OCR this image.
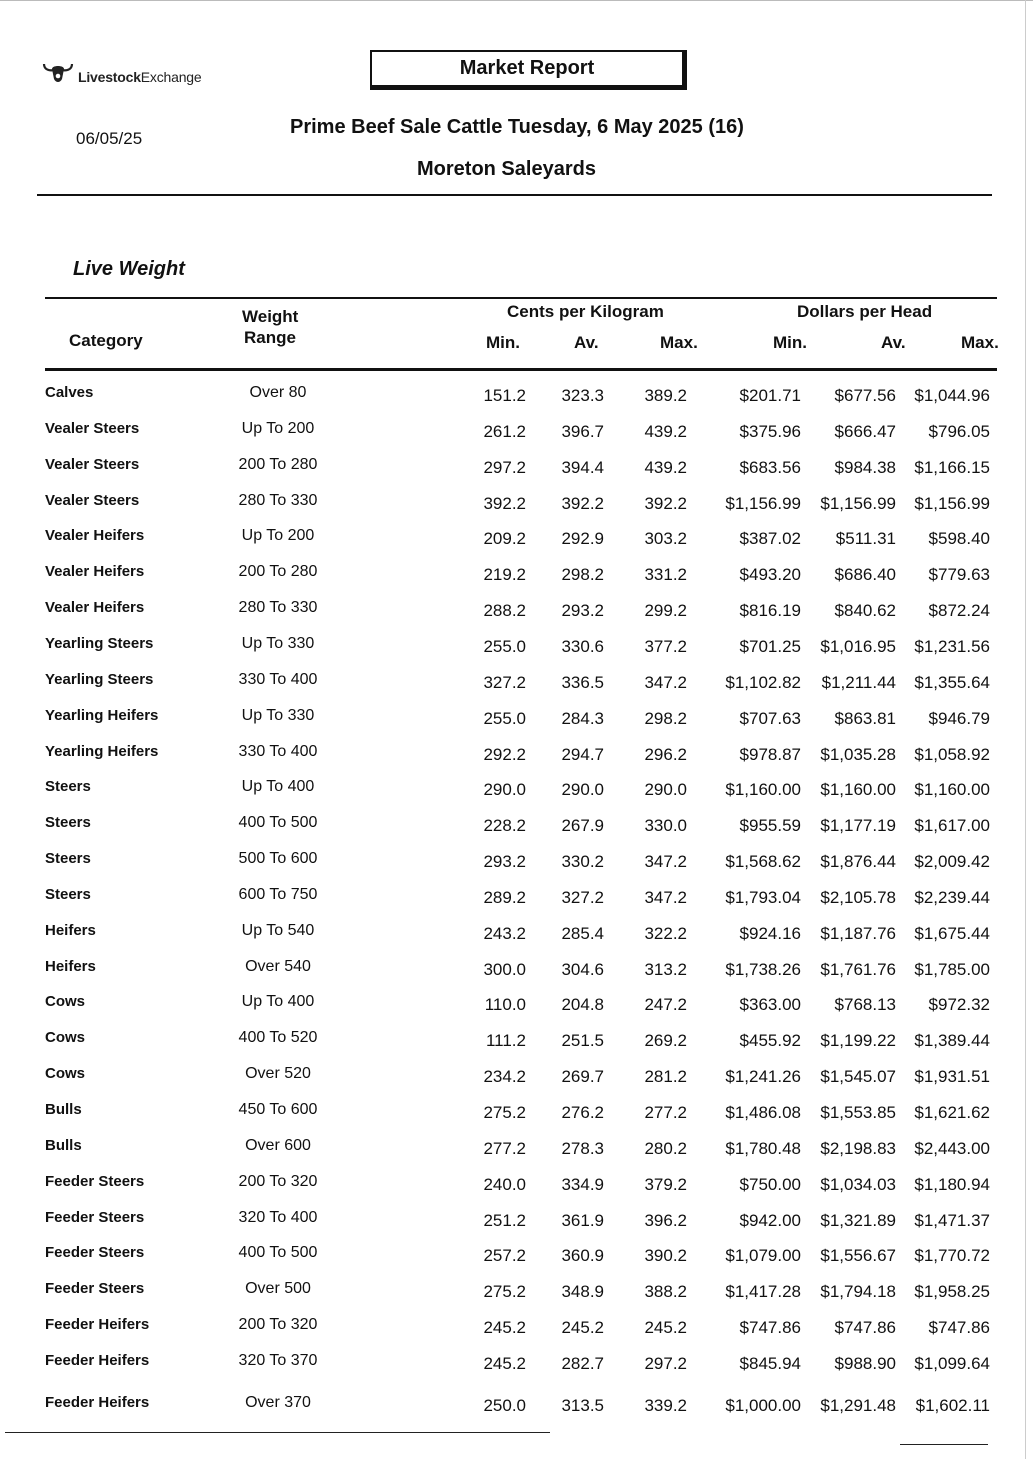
LivestockExchange	Market Report
06/05/25
Prime Beef Sale Cattle Tuesday, 6 May 2025 (16)
Moreton Saleyards
Live Weight
Category
Weight
Range
Cents per Kilogram	Dollars per Head
Min.	Av.	Max.	Min.	Av.	Max.
Calves	Over 80	151.2 323.3 389.2	$201.71 $677.56 $1,044.96
Vealer Steers	Up To 200	261.2 396.7 439.2	$375.96 $666.47 $796.05
Vealer Steers	200 To 280	297.2 394.4 439.2	$683.56 $984.38 $1,166.15
Vealer Steers	280 To 330	392.2 392.2 392.2 $1,156.99 $1,156.99 $1,156.99
Vealer Heifers	Up To 200	209.2 292.9 303.2	$387.02 $511.31 $598.40
Vealer Heifers	200 To 280	219.2 298.2 331.2	$493.20 $686.40 $779.63
Vealer Heifers	280 To 330	288.2 293.2 299.2	$816.19 $840.62 $872.24
Yearling Steers	Up To 330	255.0 330.6 377.2	$701.25 $1,016.95 $1,231.56
Yearling Steers	330 To 400	327.2 336.5 347.2 $1,102.82 $1,211.44 $1,355.64
Yearling Heifers	Up To 330	255.0 284.3 298.2	$707.63 $863.81 $946.79
Yearling Heifers	330 To 400	292.2 294.7 296.2	$978.87 $1,035.28 $1,058.92
Steers	Up To 400	290.0 290.0 290.0 $1,160.00 $1,160.00 $1,160.00
Steers	400 To 500	228.2 267.9 330.0	$955.59 $1,177.19 $1,617.00
Steers	500 To 600	293.2 330.2 347.2 $1,568.62 $1,876.44 $2,009.42
Steers	600 To 750	289.2 327.2 347.2 $1,793.04 $2,105.78 $2,239.44
Heifers	Up To 540	243.2 285.4 322.2	$924.16 $1,187.76 $1,675.44
Heifers	Over 540	300.0 304.6 313.2 $1,738.26 $1,761.76 $1,785.00
Cows	Up To 400	110.0 204.8 247.2	$363.00 $768.13 $972.32
Cows	400 To 520	111.2 251.5 269.2	$455.92 $1,199.22 $1,389.44
Cows	Over 520	234.2 269.7 281.2 $1,241.26 $1,545.07 $1,931.51
Bulls	450 To 600	275.2 276.2 277.2 $1,486.08 $1,553.85 $1,621.62
Bulls	Over 600	277.2 278.3 280.2 $1,780.48 $2,198.83 $2,443.00
Feeder Steers	200 To 320	240.0 334.9 379.2	$750.00 $1,034.03 $1,180.94
Feeder Steers	320 To 400	251.2 361.9 396.2	$942.00 $1,321.89 $1,471.37
Feeder Steers	400 To 500	257.2 360.9 390.2 $1,079.00 $1,556.67 $1,770.72
Feeder Steers	Over 500	275.2 348.9 388.2 $1,417.28 $1,794.18 $1,958.25
Feeder Heifers	200 To 320	245.2 245.2 245.2	$747.86 $747.86 $747.86
Feeder Heifers	320 To 370	245.2 282.7 297.2	$845.94 $988.90 $1,099.64
Feeder Heifers	Over 370	250.0 313.5 339.2 $1,000.00 $1,291.48 $1,602.11
